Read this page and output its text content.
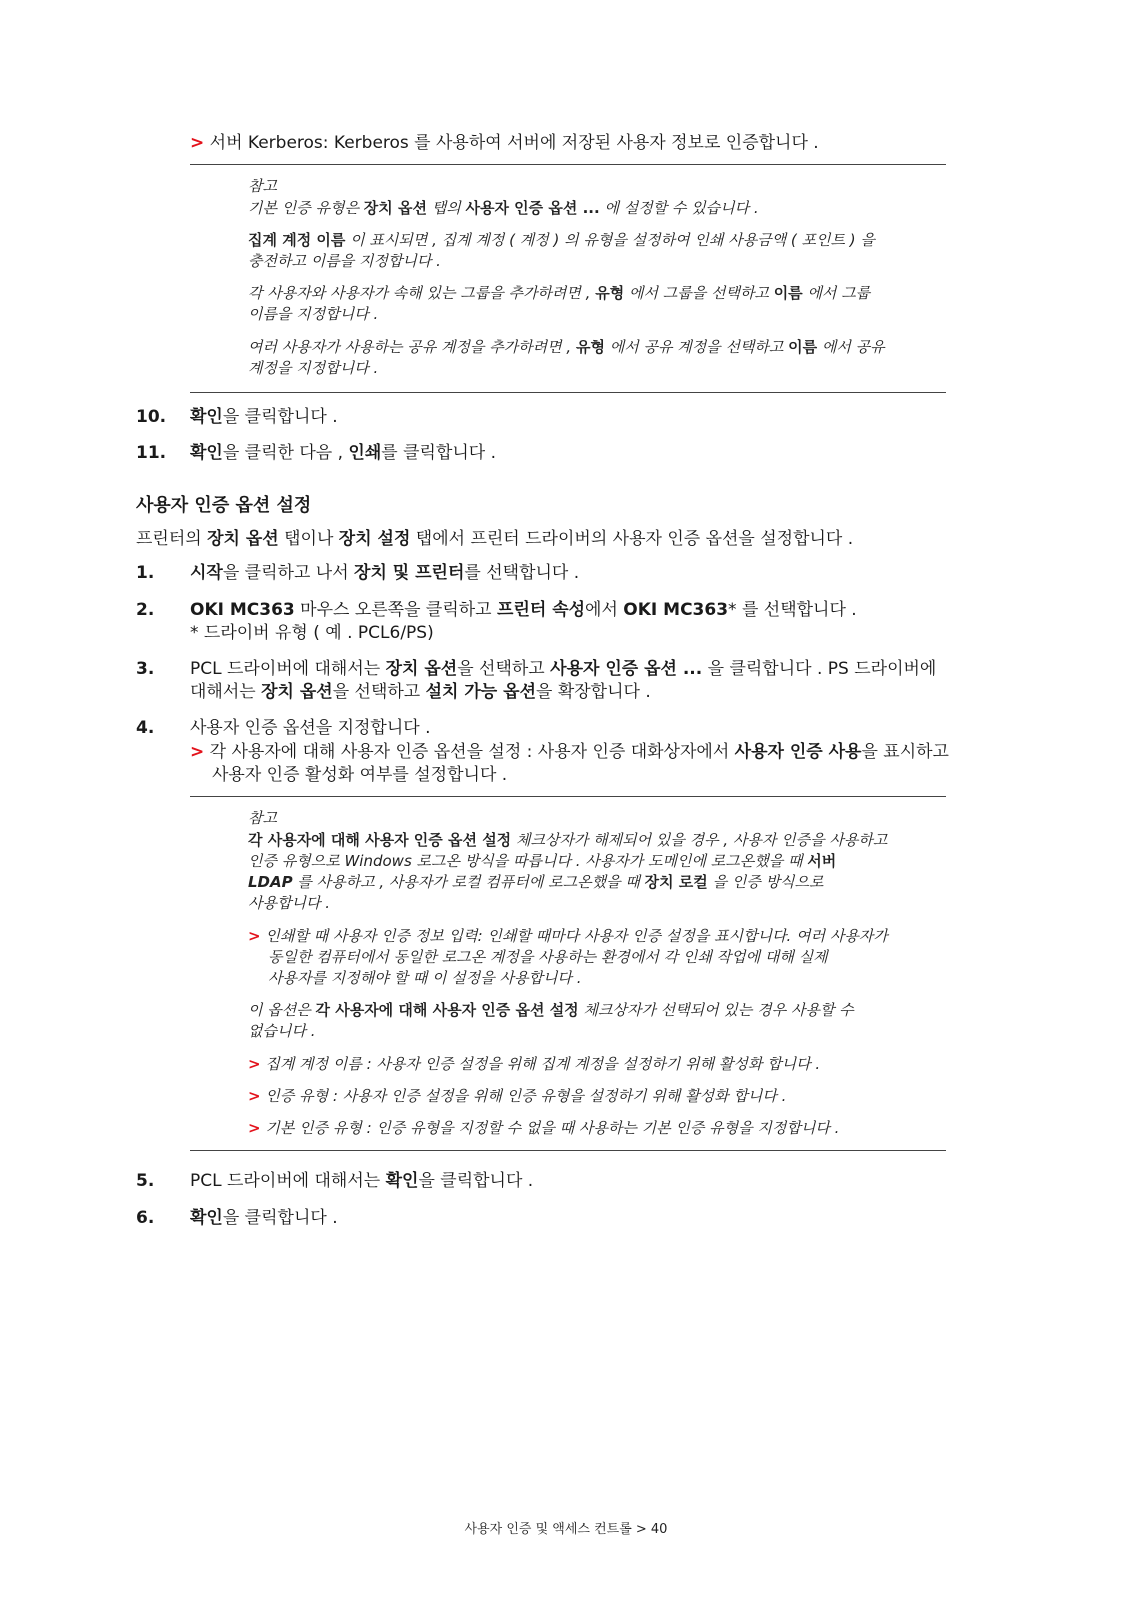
> 서버 Kerberos: Kerberos 를 사용하여 서버에 저장된 사용자 정보로 인증합니다 .
참고
기본 인증 유형은 장치 옵션 탭의 사용자 인증 옵션 ... 에 설정할 수 있습니다 .
집계 계정 이름 이 표시되면 , 집계 계정 ( 계정 ) 의 유형을 설정하여 인쇄 사용금액 ( 포인트 ) 을
충전하고 이름을 지정합니다 .
각 사용자와 사용자가 속해 있는 그룹을 추가하려면 , 유형 에서 그룹을 선택하고 이름 에서 그룹
이름을 지정합니다 .
여러 사용자가 사용하는 공유 계정을 추가하려면 , 유형 에서 공유 계정을 선택하고 이름 에서 공유
계정을 지정합니다 .
10. 확인을 클릭합니다 .
11. 확인을 클릭한 다음 , 인쇄를 클릭합니다 .
사용자 인증 옵션 설정
프린터의 장치 옵션 탭이나 장치 설정 탭에서 프린터 드라이버의 사용자 인증 옵션을 설정합니다 .
1. 시작을 클릭하고 나서 장치 및 프린터를 선택합니다 .
2. OKI MC363 마우스 오른쪽을 클릭하고 프린터 속성에서 OKI MC363* 를 선택합니다 .
* 드라이버 유형 ( 예 . PCL6/PS)
3. PCL 드라이버에 대해서는 장치 옵션을 선택하고 사용자 인증 옵션 ... 을 클릭합니다 . PS 드라이버에
대해서는 장치 옵션을 선택하고 설치 가능 옵션을 확장합니다 .
4. 사용자 인증 옵션을 지정합니다 .
> 각 사용자에 대해 사용자 인증 옵션을 설정 : 사용자 인증 대화상자에서 사용자 인증 사용을 표시하고
사용자 인증 활성화 여부를 설정합니다 .
참고
각 사용자에 대해 사용자 인증 옵션 설정 체크상자가 해제되어 있을 경우 , 사용자 인증을 사용하고
인증 유형으로 Windows 로그온 방식을 따릅니다 . 사용자가 도메인에 로그온했을 때 서버
LDAP 를 사용하고 , 사용자가 로컬 컴퓨터에 로그온했을 때 장치 로컬 을 인증 방식으로
사용합니다 .
> 인쇄할 때 사용자 인증 정보 입력: 인쇄할 때마다 사용자 인증 설정을 표시합니다. 여러 사용자가
동일한 컴퓨터에서 동일한 로그온 계정을 사용하는 환경에서 각 인쇄 작업에 대해 실제
사용자를 지정해야 할 때 이 설정을 사용합니다 .
이 옵션은 각 사용자에 대해 사용자 인증 옵션 설정 체크상자가 선택되어 있는 경우 사용할 수
없습니다 .
> 집계 계정 이름 : 사용자 인증 설정을 위해 집계 계정을 설정하기 위해 활성화 합니다 .
> 인증 유형 : 사용자 인증 설정을 위해 인증 유형을 설정하기 위해 활성화 합니다 .
> 기본 인증 유형 : 인증 유형을 지정할 수 없을 때 사용하는 기본 인증 유형을 지정합니다 .
5. PCL 드라이버에 대해서는 확인을 클릭합니다 .
6. 확인을 클릭합니다 .
사용자 인증 및 액세스 컨트롤 > 40
